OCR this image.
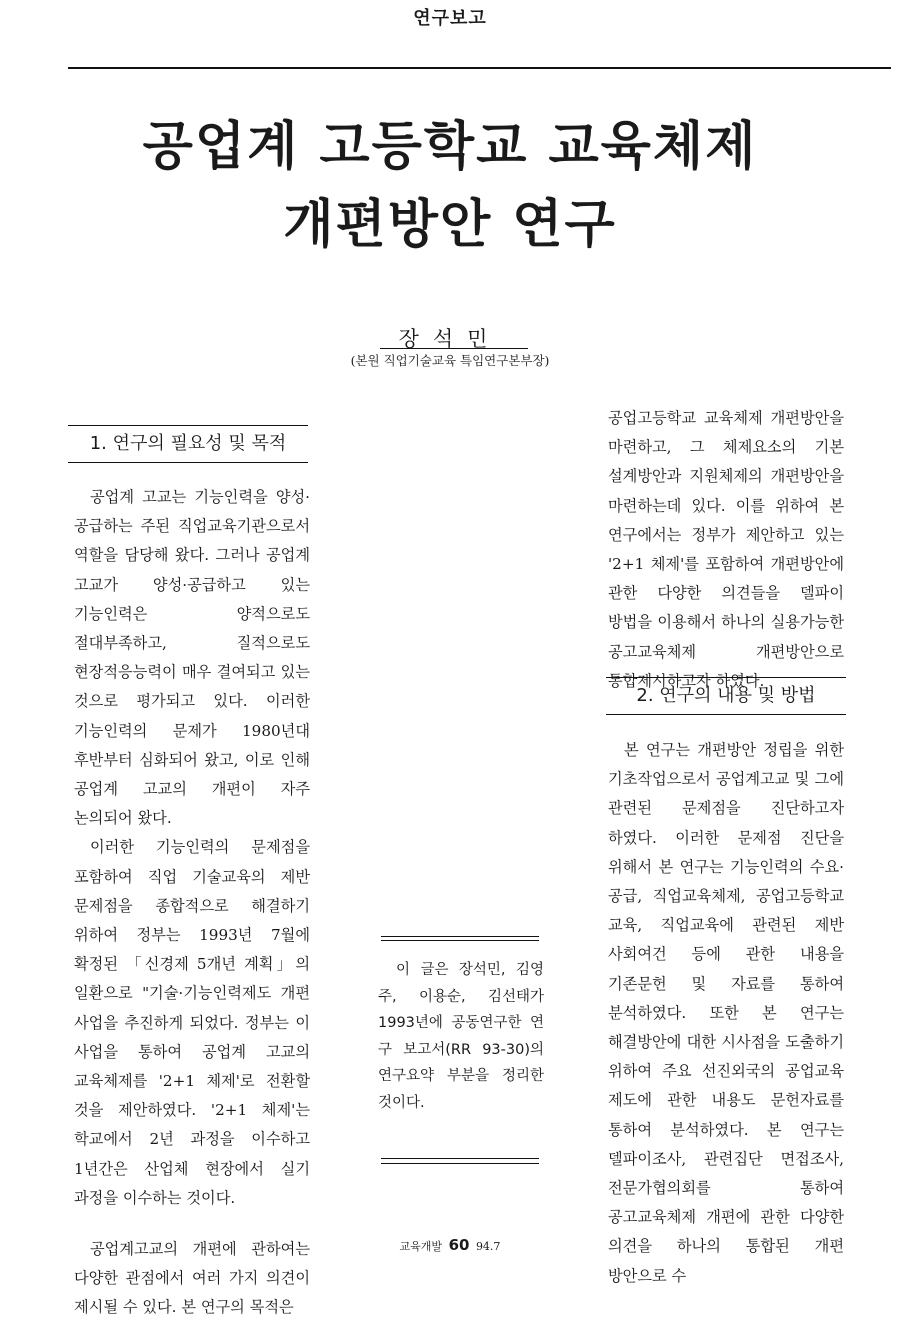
연구보고
공업계 고등학교 교육체제
개편방안 연구
장석민
(본원 직업기술교육 특임연구본부장)
1. 연구의 필요성 및 목적

공업계 고교는 기능인력을 양성·공급하는 주된 직업교육기관으로서 역할을 담당해 왔다. 그러나 공업계 고교가 양성·공급하고 있는 기능인력은 양적으로도 절대부족하고, 질적으로도 현장적응능력이 매우 결여되고 있는 것으로 평가되고 있다. 이러한 기능인력의 문제가 1980년대 후반부터 심화되어 왔고, 이로 인해 공업계 고교의 개편이 자주 논의되어 왔다.

이러한 기능인력의 문제점을 포함하여 직업 기술교육의 제반 문제점을 종합적으로 해결하기 위하여 정부는 1993년 7월에 확정된 「신경제 5개년 계획」의 일환으로 "기술·기능인력제도 개편 사업을 추진하게 되었다. 정부는 이 사업을 통하여 공업계 고교의 교육체제를 '2+1 체제'로 전환할 것을 제안하였다. '2+1 체제'는 학교에서 2년 과정을 이수하고 1년간은 산업체 현장에서 실기 과정을 이수하는 것이다.

공업계고교의 개편에 관하여는 다양한 관점에서 여러 가지 의견이 제시될 수 있다. 본 연구의 목적은

이 글은 장석민, 김영주, 이용순, 김선태가 1993년에 공동연구한 연구 보고서(RR 93-30)의 연구요약 부분을 정리한 것이다.

공업고등학교 교육체제 개편방안을 마련하고, 그 체제요소의 기본 설계방안과 지원체제의 개편방안을 마련하는데 있다. 이를 위하여 본 연구에서는 정부가 제안하고 있는 '2+1 체제'를 포함하여 개편방안에 관한 다양한 의견들을 델파이 방법을 이용해서 하나의 실용가능한 공고교육체제 개편방안으로 통합제시하고자 하였다.

2. 연구의 내용 및 방법

본 연구는 개편방안 정립을 위한 기초작업으로서 공업계고교 및 그에 관련된 문제점을 진단하고자 하였다. 이러한 문제점 진단을 위해서 본 연구는 기능인력의 수요·공급, 직업교육체제, 공업고등학교 교육, 직업교육에 관련된 제반 사회여건 등에 관한 내용을 기존문헌 및 자료를 통하여 분석하였다. 또한 본 연구는 해결방안에 대한 시사점을 도출하기 위하여 주요 선진외국의 공업교육 제도에 관한 내용도 문헌자료를 통하여 분석하였다. 본 연구는 델파이조사, 관련집단 면접조사, 전문가협의회를 통하여 공고교육체제 개편에 관한 다양한 의견을 하나의 통합된 개편 방안으로 수

교육개발 60 94.7
